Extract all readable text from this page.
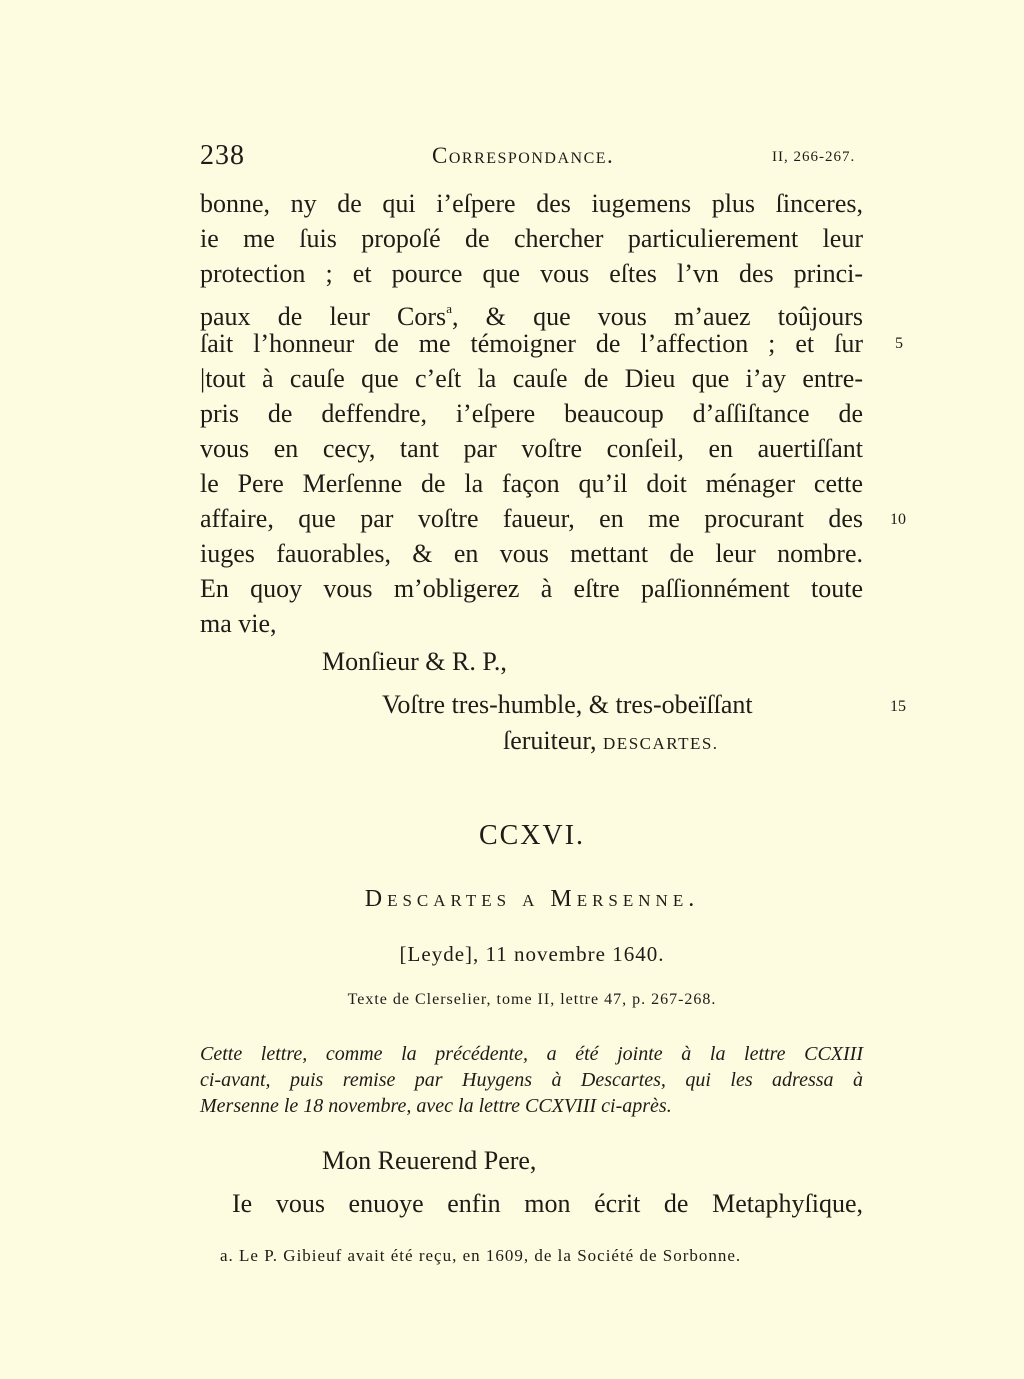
238	Correspondance.	II, 266-267.
bonne, ny de qui i’eſpere des iugemens plus ſinceres,
ie me ſuis propoſé de chercher particulierement leur
protection ; et pource que vous eſtes l’vn des princi-
paux de leur Cors$^a$, & que vous m’auez toûjours
ſait l’honneur de me témoigner de l’affection ; et ſur
|tout à cauſe que c’eſt la cauſe de Dieu que i’ay entre-
pris de deffendre, i’eſpere beaucoup d’aſſiſtance de
vous en cecy, tant par voſtre conſeil, en auertiſſant
le Pere Merſenne de la façon qu’il doit ménager cette
affaire, que par voſtre faueur, en me procurant des
iuges fauorables, & en vous mettant de leur nombre.
En quoy vous m’obligerez à eſtre paſſionnément toute
ma vie,
5
10
15
Monſieur & R. P.,
Voſtre tres-humble, & tres-obeïſſant
ſeruiteur, DESCARTES.
CCXVI.
Descartes a Mersenne.
[Leyde], 11 novembre 1640.
Texte de Clerselier, tome II, lettre 47, p. 267-268.
Cette lettre, comme la précédente, a été jointe à la lettre CCXIII
ci-avant, puis remise par Huygens à Descartes, qui les adressa à
Mersenne le 18 novembre, avec la lettre CCXVIII ci-après.
Mon Reuerend Pere,
Ie vous enuoye enfin mon écrit de Metaphyſique,
a. Le P. Gibieuf avait été reçu, en 1609, de la Société de Sorbonne.
